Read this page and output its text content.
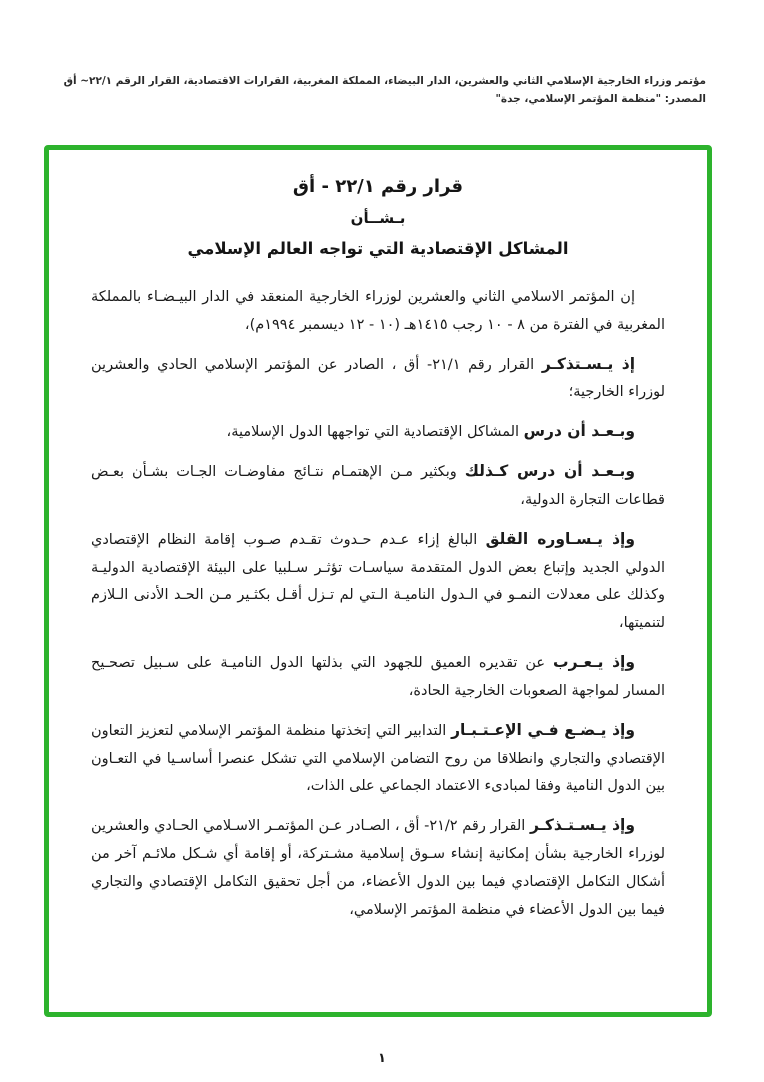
مؤتمر وزراء الخارجية الإسلامي الثاني والعشرين، الدار البيضاء، المملكة المغربية، القرارات الاقتصادية، القرار الرقم ٢٢/١~ أق
المصدر: "منظمة المؤتمر الإسلامي، جدة"
قرار رقم ٢٢/١ - أق
بـشــأن
المشاكل الإقتصادية التي تواجه العالم الإسلامي

إن المؤتمر الاسلامي الثاني والعشرين لوزراء الخارجية المنعقد في الدار البيـضـاء بالمملكة المغربية في الفترة من ٨ - ١٠ رجب ١٤١٥هـ (١٠ - ١٢ ديسمبر ١٩٩٤م)،

إذ يـسـتذكـر القرار رقم ٢١/١- أق ، الصادر عن المؤتمر الإسلامي الحادي والعشرين لوزراء الخارجية؛

وبـعـد أن درس المشاكل الإقتصادية التي تواجهها الدول الإسلامية،

وبـعـد أن درس كـذلك وبكثير مـن الإهتمـام نتـائج مفاوضـات الجـات بشـأن بعـض قطاعات التجارة الدولية،

وإذ يـسـاوره القلق البالغ إزاء عـدم حـدوث تقـدم صـوب إقامة النظام الإقتصادي الدولي الجديد وإتباع بعض الدول المتقدمة سياسـات تؤثـر سـلبيا على البيئة الإقتصادية الدوليـة وكذلك على معدلات النمـو في الـدول الناميـة الـتي لم تـزل أقـل بكثـير مـن الحـد الأدنى الـلازم لتنميتها،

وإذ يـعـرب عن تقديره العميق للجهود التي بذلتها الدول الناميـة على سـبيل تصحـيح المسار لمواجهة الصعوبات الخارجية الحادة،

وإذ يـضـع فـي الإعـتـبـار التدابير التي إتخذتها منظمة المؤتمر الإسلامي لتعزيز التعاون الإقتصادي والتجاري وانطلاقا من روح التضامن الإسلامي التي تشكل عنصرا أساسـيا في التعـاون بين الدول النامية وفقا لمبادىء الاعتماد الجماعي على الذات،

وإذ يـسـتـذكـر القرار رقم ٢١/٢- أق ، الصـادر عـن المؤتمـر الاسـلامي الحـادي والعشرين لوزراء الخارجية بشأن إمكانية إنشاء سـوق إسلامية مشـتركة، أو إقامة أي شـكل ملائـم آخر من أشكال التكامل الإقتصادي فيما بين الدول الأعضاء، من أجل تحقيق التكامل الإقتصادي والتجاري فيما بين الدول الأعضاء في منظمة المؤتمر الإسلامي،

١
